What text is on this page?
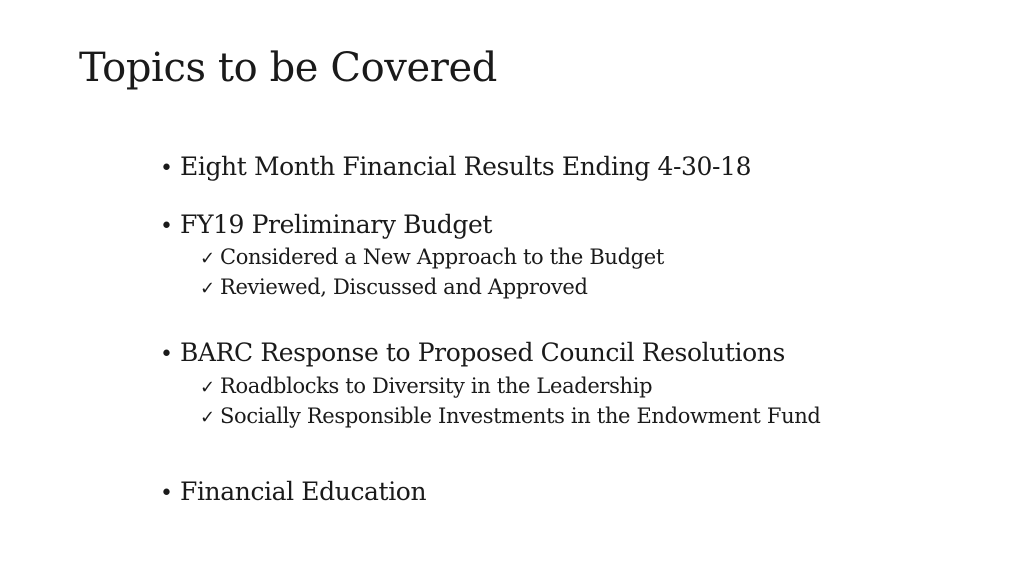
Topics to be Covered
• Eight Month Financial Results Ending 4-30-18
• FY19 Preliminary Budget
✓ Considered a New Approach to the Budget
✓ Reviewed, Discussed and Approved
• BARC Response to Proposed Council Resolutions
✓ Roadblocks to Diversity in the Leadership
✓ Socially Responsible Investments in the Endowment Fund
• Financial Education
